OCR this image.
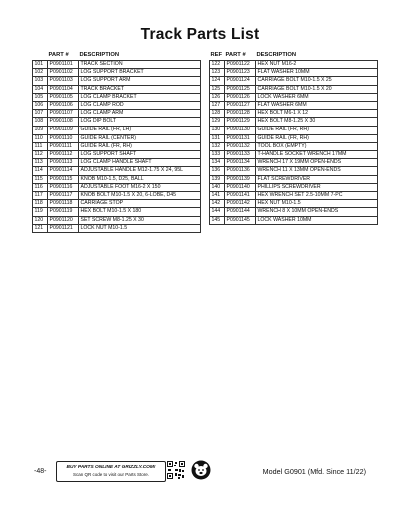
Track Parts List
	PART #	DESCRIPTION
101	P0901101	TRACK SECTION
102	P0901102	LOG SUPPORT BRACKET
103	P0901103	LOG SUPPORT ARM
104	P0901104	TRACK BRACKET
105	P0901105	LOG CLAMP BRACKET
106	P0901106	LOG CLAMP ROD
107	P0901107	LOG CLAMP ARM
108	P0901108	LOG DIP BOLT
109	P0901109	GUIDE RAIL (FR, LH)
110	P0901110	GUIDE RAIL (CENTER)
111	P0901111	GUIDE RAIL (FR, RH)
112	P0901112	LOG SUPPORT SHAFT
113	P0901113	LOG CLAMP HANDLE SHAFT
114	P0901114	ADJUSTABLE HANDLE M12-1.75 X 24, 95L
115	P0901115	KNOB M10-1.5, D25, BALL
116	P0901116	ADJUSTABLE FOOT M16-2 X 150
117	P0901117	KNOB BOLT M10-1.5 X 20, 6-LOBE, D45
118	P0901118	CARRIAGE STOP
119	P0901119	HEX BOLT M10-1.5 X 180
120	P0901120	SET SCREW M8-1.25 X 30
121	P0901121	LOCK NUT M10-1.5
REF	PART #	DESCRIPTION
122	P0901122	HEX NUT M16-2
123	P0901123	FLAT WASHER 10MM
124	P0901124	CARRIAGE BOLT M10-1.5 X 25
125	P0901125	CARRIAGE BOLT M10-1.5 X 20
126	P0901126	LOCK WASHER 6MM
127	P0901127	FLAT WASHER 6MM
128	P0901128	HEX BOLT M6-1 X 12
129	P0901129	HEX BOLT M8-1.25 X 30
130	P0901130	GUIDE RAIL (FR, RH)
131	P0901131	GUIDE RAIL (FR, RH)
132	P0901132	TOOL BOX (EMPTY)
133	P0901133	T-HANDLE SOCKET WRENCH 17MM
134	P0901134	WRENCH 17 X 19MM OPEN-ENDS
136	P0901136	WRENCH 11 X 13MM OPEN-ENDS
139	P0901139	FLAT SCREWDRIVER
140	P0901140	PHILLIPS SCREWDRIVER
141	P0901141	HEX WRENCH SET 2.5-10MM 7-PC
142	P0901142	HEX NUT M10-1.5
144	P0901144	WRENCH 8 X 10MM OPEN-ENDS
145	P0901145	LOCK WASHER 10MM
-48-
BUY PARTS ONLINE AT GRIZZLY.COM!
Scan QR code to visit our Parts Store.	Model G0901 (Mfd. Since 11/22)
